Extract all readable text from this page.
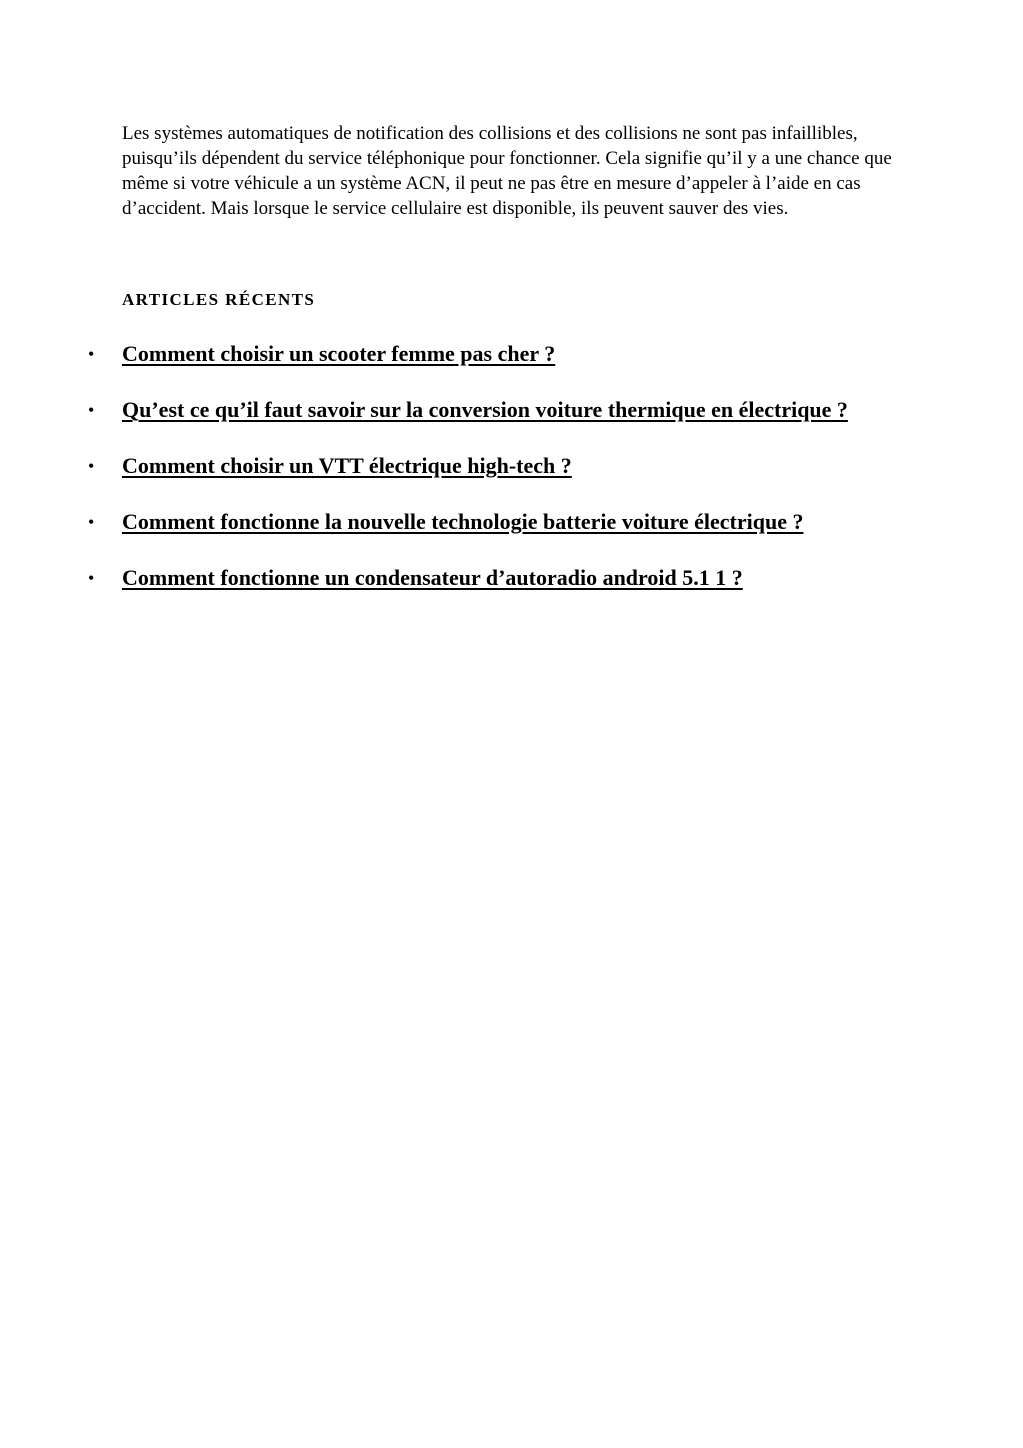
Les systèmes automatiques de notification des collisions et des collisions ne sont pas infaillibles, puisqu’ils dépendent du service téléphonique pour fonctionner. Cela signifie qu’il y a une chance que même si votre véhicule a un système ACN, il peut ne pas être en mesure d’appeler à l’aide en cas d’accident. Mais lorsque le service cellulaire est disponible, ils peuvent sauver des vies.

ARTICLES RÉCENTS
• Comment choisir un scooter femme pas cher ?
• Qu’est ce qu’il faut savoir sur la conversion voiture thermique en électrique ?
• Comment choisir un VTT électrique high-tech ?
• Comment fonctionne la nouvelle technologie batterie voiture électrique ?
• Comment fonctionne un condensateur d’autoradio android 5.1 1 ?
